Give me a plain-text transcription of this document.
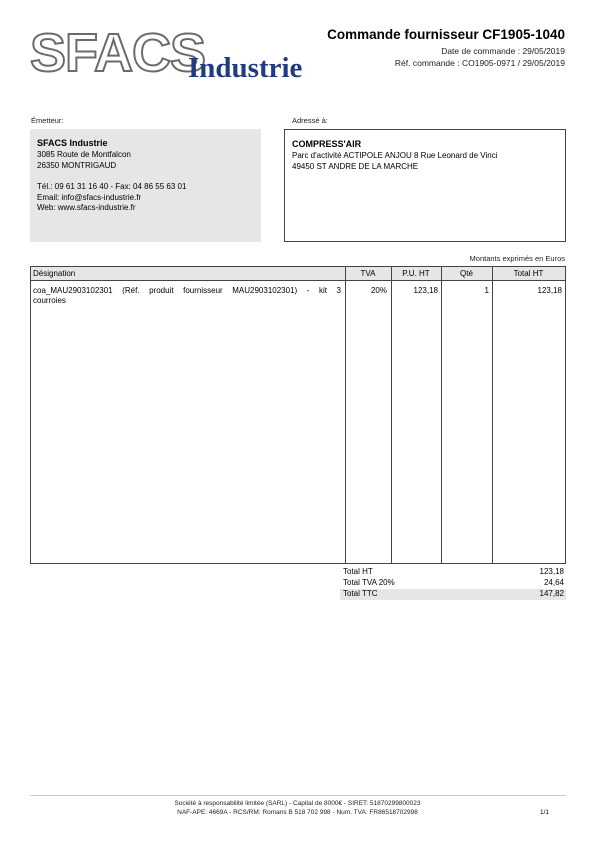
SFACS
Industrie
Commande fournisseur CF1905-1040
Date de commande : 29/05/2019
Réf. commande : CO1905-0971 / 29/05/2019
Émetteur:	Adressé à:

SFACS Industrie

3085 Route de Montfalcon

26350 MONTRIGAUD

Tél.: 09 61 31 16 40 - Fax: 04 86 55 63 01

Email: info@sfacs-industrie.fr

Web: www.sfacs-industrie.fr

COMPRESS'AIR

Parc d'activité ACTIPOLE ANJOU 8 Rue Leonard de Vinci

49450 ST ANDRE DE LA MARCHE

Montants exprimés en Euros
Désignation	TVA	P.U. HT	Qté	Total HT
coa_MAU2903102301 (Réf. produit fournisseur MAU2903102301) - kit 3
courroies
20%	123,18	1	123,18
Total HT	123,18
Total TVA 20%	24,64
Total TTC	147,82
Société à responsabilité limitée (SARL) - Capital de 8000€ - SIRET: 51870299800023
NAF-APE: 4669A - RCS/RM: Romans B 518 702 998 - Num. TVA: FR86518702998	1/1
